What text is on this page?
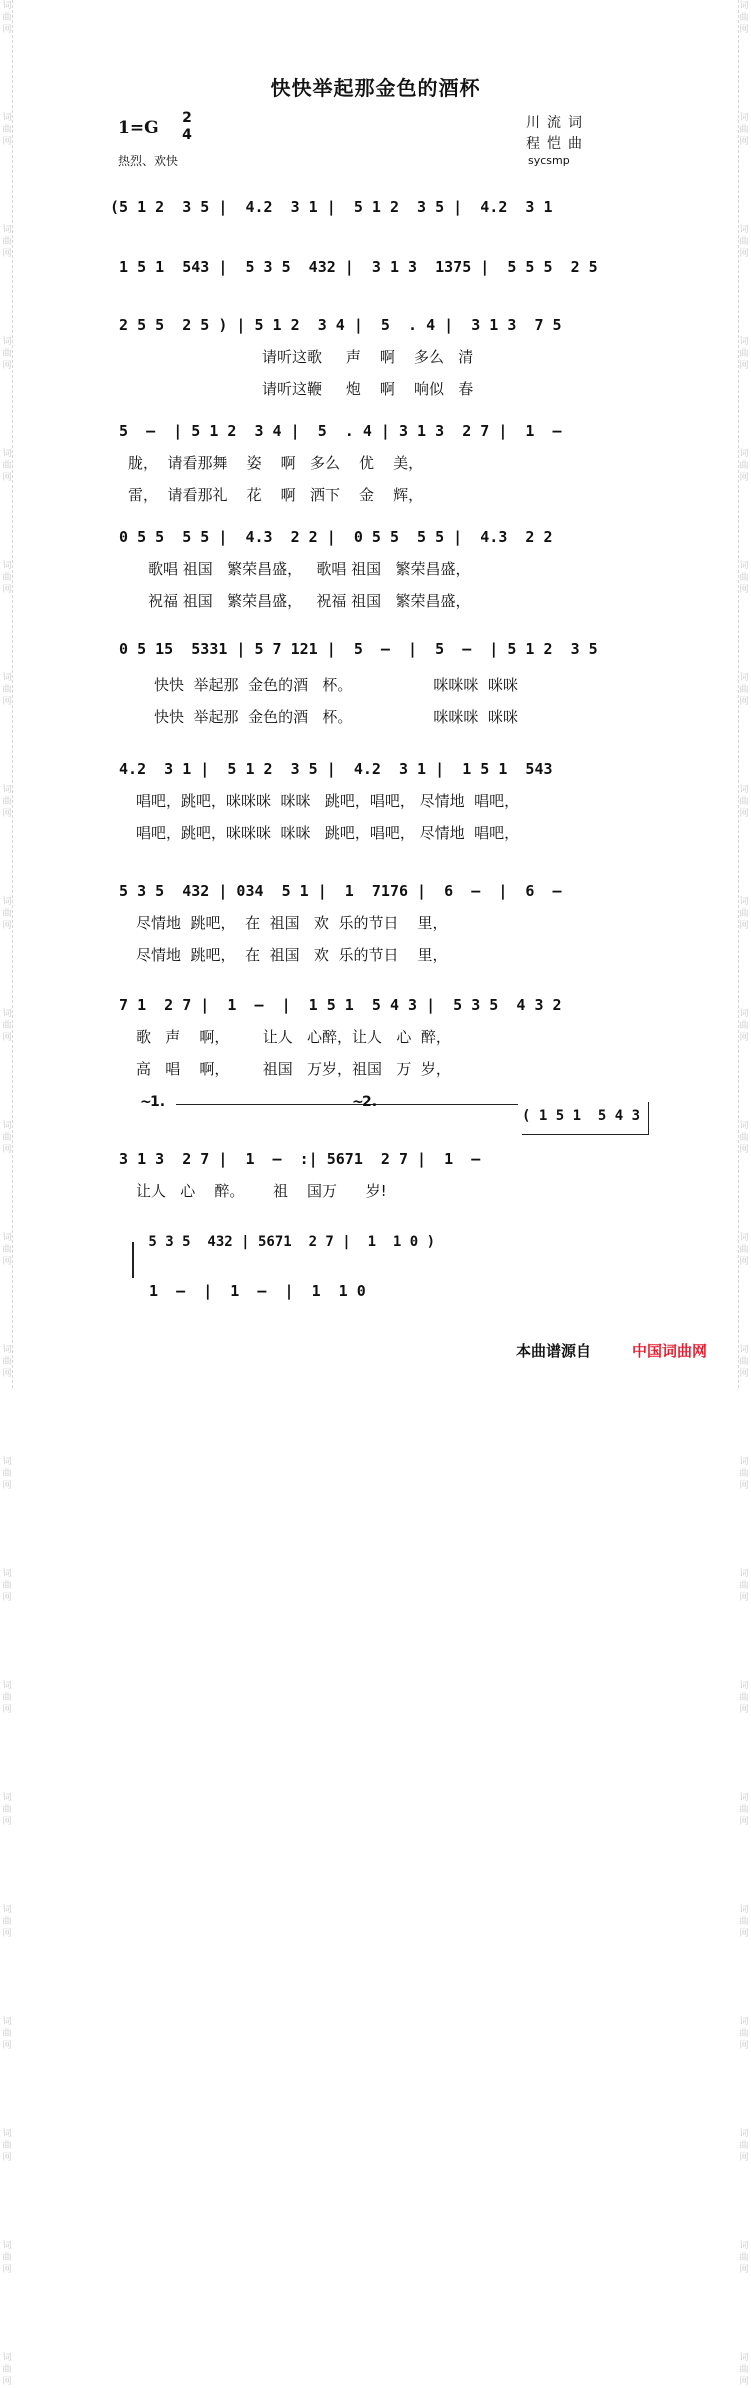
词
曲
网
词
曲
网
词
曲
网
词
曲
网
词
曲
网
词
曲
网
词
曲
网
词
曲
网
词
曲
网
词
曲
网
词
曲
网
词
曲
网
词
曲
网
词
曲
网
词
曲
网
词
曲
网
词
曲
网
词
曲
网
词
曲
网
词
曲
网
词
曲
网
词
曲
网
快快举起那金色的酒杯
1=G 2
4
热烈、欢快
川流词
程恺曲
sycsmp
(5 1 2  3 5 |  4.2  3 1 |  5 1 2  3 5 |  4.2  3 1
1 5 1  543 |  5 3 5  432 |  3 1 3  1375 |  5 5 5  2 5
2 5 5  2 5 ) | 5 1 2  3 4 |  5  . 4 |  3 1 3  7 5
请听这歌     声    啊    多么   清
请听这鞭     炮    啊    响似   春
5  —  | 5 1 2  3 4 |  5  . 4 | 3 1 3  2 7 |  1  —
胧，  请看那舞    姿    啊   多么    优    美，
雷，  请看那礼    花    啊   洒下    金    辉，
0 5 5  5 5 |  4.3  2 2 |  0 5 5  5 5 |  4.3  2 2
歌唱 祖国   繁荣昌盛，   歌唱 祖国   繁荣昌盛，
祝福 祖国   繁荣昌盛，   祝福 祖国   繁荣昌盛，
0 5 15  5331 | 5 7 121 |  5  —  |  5  —  | 5 1 2  3 5
快快  举起那  金色的酒   杯。                 咪咪咪  咪咪
快快  举起那  金色的酒   杯。                 咪咪咪  咪咪
4.2  3 1 |  5 1 2  3 5 |  4.2  3 1 |  1 5 1  543
唱吧，跳吧，咪咪咪  咪咪   跳吧，唱吧， 尽情地  唱吧，
唱吧，跳吧，咪咪咪  咪咪   跳吧，唱吧， 尽情地  唱吧，
5 3 5  432 | 034  5 1 |  1  7176 |  6  —  |  6  —
尽情地  跳吧，  在  祖国   欢  乐的节日    里，
尽情地  跳吧，  在  祖国   欢  乐的节日    里，
7 1  2 7 |  1  —  |  1 5 1  5 4 3 |  5 3 5  4 3 2
歌   声    啊，       让人   心醉，让人   心  醉，
高   唱    啊，       祖国   万岁，祖国   万  岁，
~
1.	~
2.
( 1 5 1  5 4 3
3 1 3  2 7 |  1  —  :| 5671  2 7 |  1  —
让人   心    醉。      祖    国万      岁!
5 3 5  432 | 5671  2 7 |  1  1 0 )
1  —  |  1  —  |  1  1 0
本曲谱源自	中国词曲网
词
曲
网
词
曲
网
词
曲
网
词
曲
网
词
曲
网
词
曲
网
词
曲
网
词
曲
网
词
曲
网
词
曲
网
词
曲
网
词
曲
网
词
曲
网
词
曲
网
词
曲
网
词
曲
网
词
曲
网
词
曲
网
词
曲
网
词
曲
网
词
曲
网
词
曲
网
